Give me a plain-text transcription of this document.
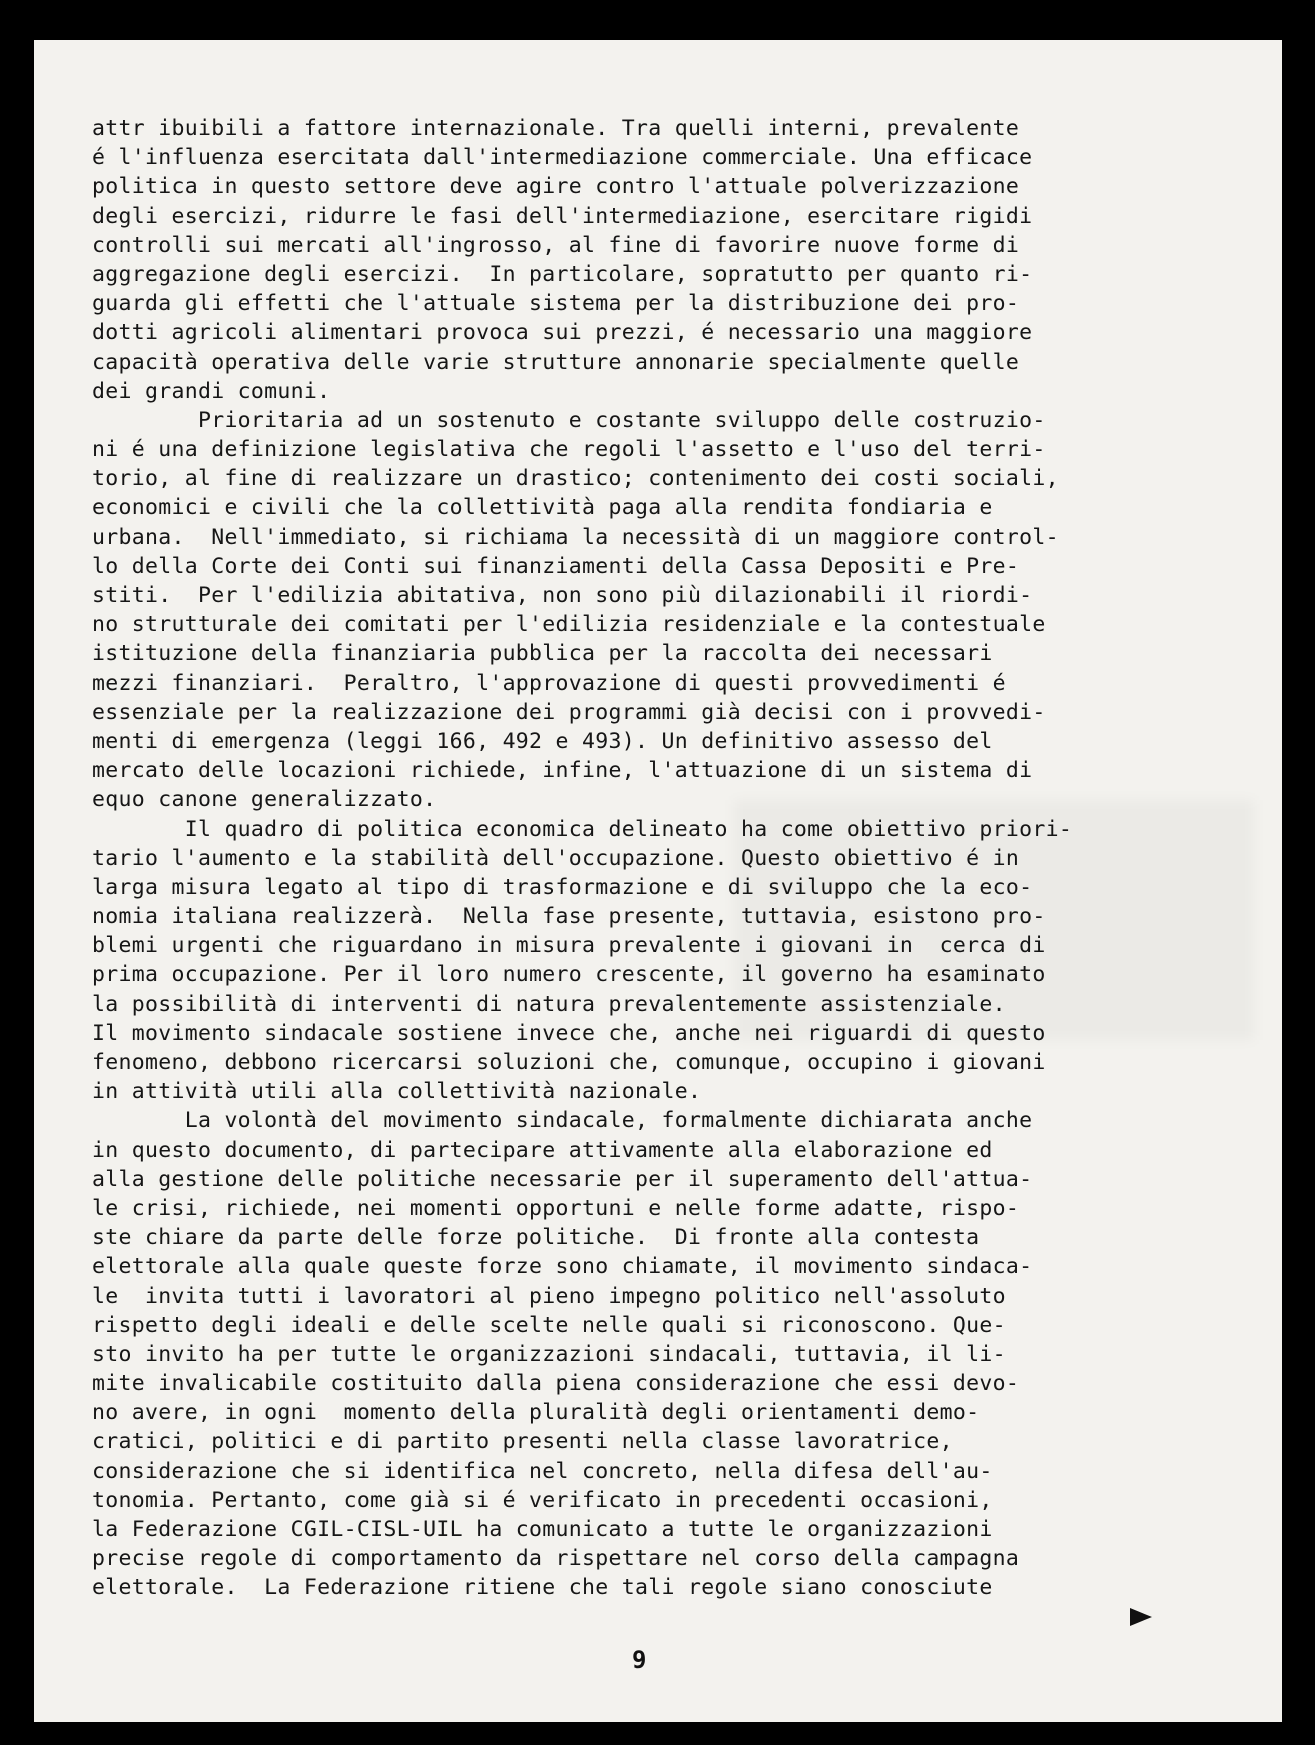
attr ibuibili a fattore internazionale. Tra quelli interni, prevalente
é l'influenza esercitata dall'intermediazione commerciale. Una efficace
politica in questo settore deve agire contro l'attuale polverizzazione
degli esercizi, ridurre le fasi dell'intermediazione, esercitare rigidi
controlli sui mercati all'ingrosso, al fine di favorire nuove forme di
aggregazione degli esercizi.  In particolare, sopratutto per quanto ri-
guarda gli effetti che l'attuale sistema per la distribuzione dei pro-
dotti agricoli alimentari provoca sui prezzi, é necessario una maggiore
capacità operativa delle varie strutture annonarie specialmente quelle
dei grandi comuni.
Prioritaria ad un sostenuto e costante sviluppo delle costruzio-
ni é una definizione legislativa che regoli l'assetto e l'uso del terri-
torio, al fine di realizzare un drastico; contenimento dei costi sociali,
economici e civili che la collettività paga alla rendita fondiaria e
urbana.  Nell'immediato, si richiama la necessità di un maggiore control-
lo della Corte dei Conti sui finanziamenti della Cassa Depositi e Pre-
stiti.  Per l'edilizia abitativa, non sono più dilazionabili il riordi-
no strutturale dei comitati per l'edilizia residenziale e la contestuale
istituzione della finanziaria pubblica per la raccolta dei necessari
mezzi finanziari.  Peraltro, l'approvazione di questi provvedimenti é
essenziale per la realizzazione dei programmi già decisi con i provvedi-
menti di emergenza (leggi 166, 492 e 493). Un definitivo assesso del
mercato delle locazioni richiede, infine, l'attuazione di un sistema di
equo canone generalizzato.
Il quadro di politica economica delineato ha come obiettivo priori-
tario l'aumento e la stabilità dell'occupazione. Questo obiettivo é in
larga misura legato al tipo di trasformazione e di sviluppo che la eco-
nomia italiana realizzerà.  Nella fase presente, tuttavia, esistono pro-
blemi urgenti che riguardano in misura prevalente i giovani in  cerca di
prima occupazione. Per il loro numero crescente, il governo ha esaminato
la possibilità di interventi di natura prevalentemente assistenziale.
Il movimento sindacale sostiene invece che, anche nei riguardi di questo
fenomeno, debbono ricercarsi soluzioni che, comunque, occupino i giovani
in attività utili alla collettività nazionale.
La volontà del movimento sindacale, formalmente dichiarata anche
in questo documento, di partecipare attivamente alla elaborazione ed
alla gestione delle politiche necessarie per il superamento dell'attua-
le crisi, richiede, nei momenti opportuni e nelle forme adatte, rispo-
ste chiare da parte delle forze politiche.  Di fronte alla contesta
elettorale alla quale queste forze sono chiamate, il movimento sindaca-
le  invita tutti i lavoratori al pieno impegno politico nell'assoluto
rispetto degli ideali e delle scelte nelle quali si riconoscono. Que-
sto invito ha per tutte le organizzazioni sindacali, tuttavia, il li-
mite invalicabile costituito dalla piena considerazione che essi devo-
no avere, in ogni  momento della pluralità degli orientamenti demo-
cratici, politici e di partito presenti nella classe lavoratrice,
considerazione che si identifica nel concreto, nella difesa dell'au-
tonomia. Pertanto, come già si é verificato in precedenti occasioni,
la Federazione CGIL-CISL-UIL ha comunicato a tutte le organizzazioni
precise regole di comportamento da rispettare nel corso della campagna
elettorale.  La Federazione ritiene che tali regole siano conosciute
9
